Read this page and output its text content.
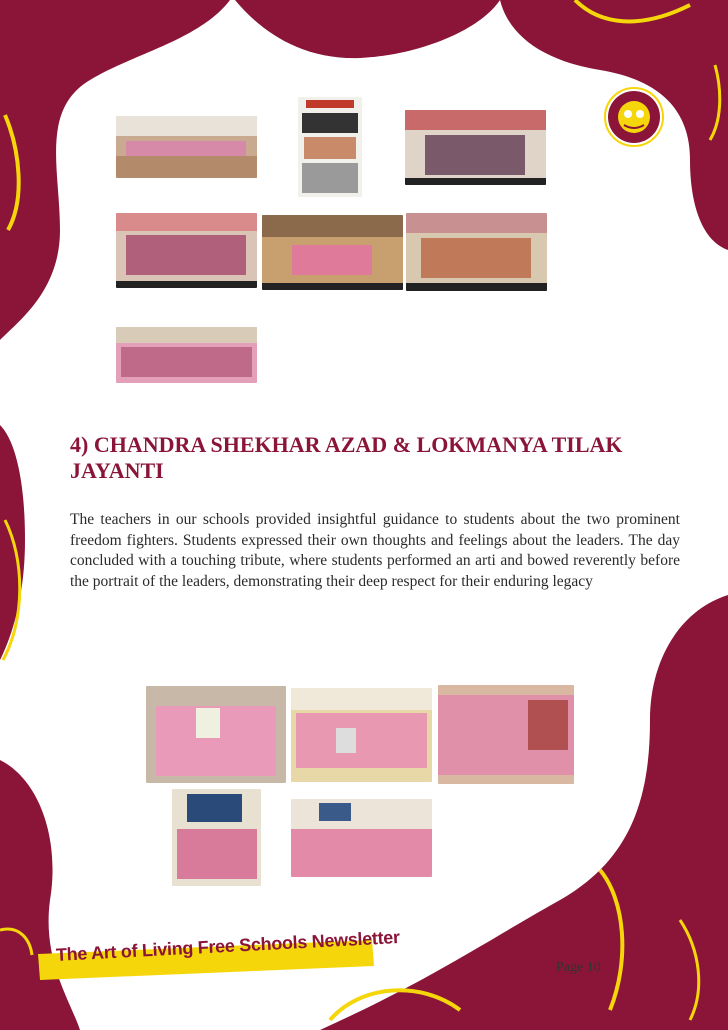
4) CHANDRA SHEKHAR AZAD & LOKMANYA TILAK JAYANTI

The teachers in our schools provided insightful guidance to students about the two prominent freedom fighters. Students expressed their own thoughts and feelings about the leaders. The day concluded with a touching tribute, where students performed an arti and bowed reverently before the portrait of the leaders, demonstrating their deep respect for their enduring legacy

The Art of Living Free Schools Newsletter
Page 10
